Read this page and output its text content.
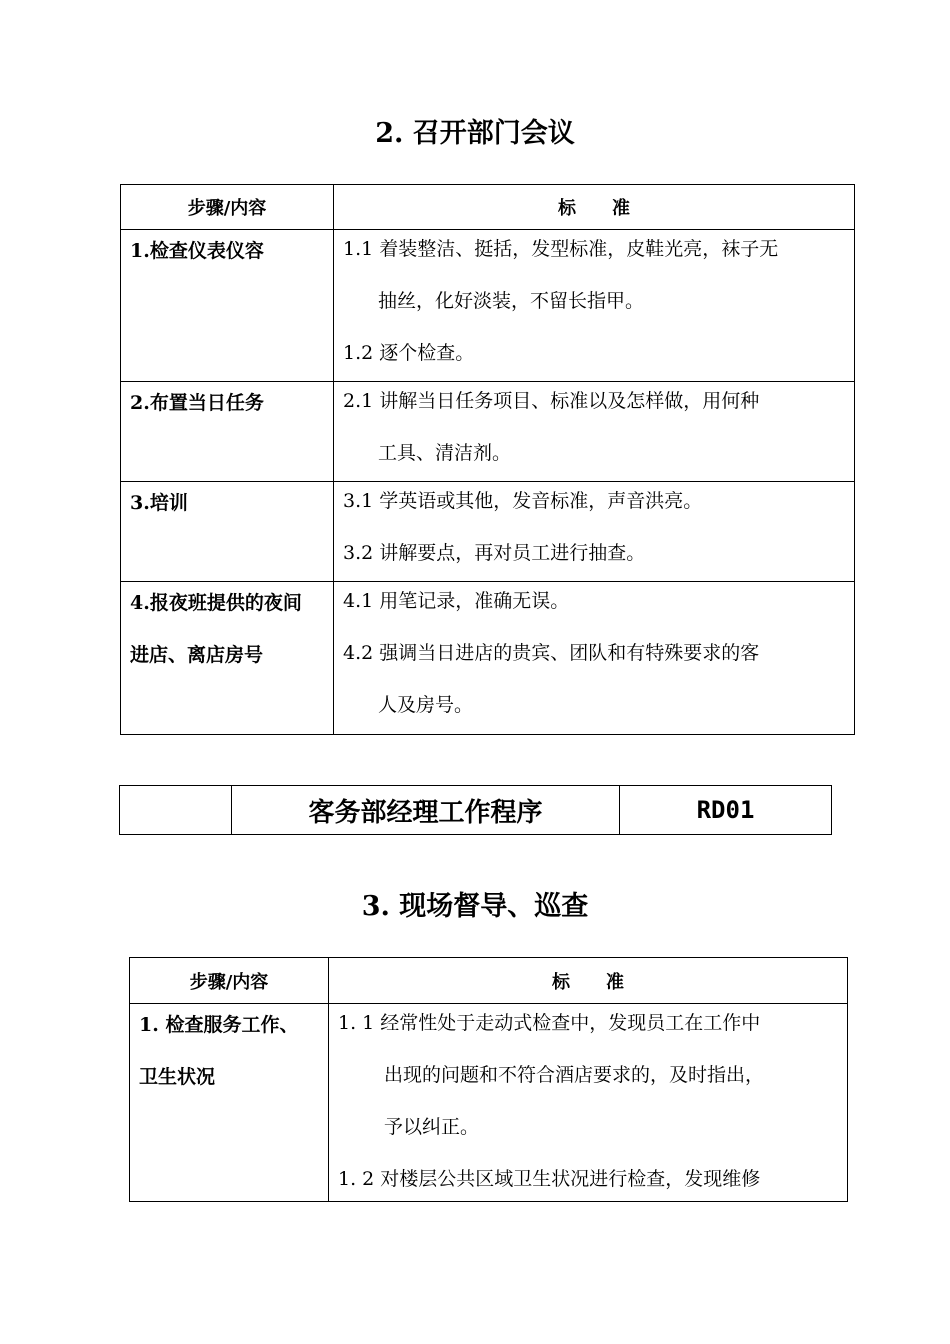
2. 召开部门会议
步骤/内容	标　　准

1.检查仪表仪容	1.1 着装整洁、挺括，发型标准，皮鞋光亮，袜子无
抽丝，化好淡装，不留长指甲。
1.2 逐个检查。

2.布置当日任务	2.1 讲解当日任务项目、标准以及怎样做，用何种
工具、清洁剂。

3.培训	3.1 学英语或其他，发音标准，声音洪亮。
3.2 讲解要点，再对员工进行抽查。

4.报夜班提供的夜间
进店、离店房号	4.1 用笔记录，准确无误。
4.2 强调当日进店的贵宾、团队和有特殊要求的客
人及房号。
	客务部经理工作程序	RD01
3. 现场督导、巡查
步骤/内容	标　　准

1. 检查服务工作、
卫生状况	1. 1 经常性处于走动式检查中，发现员工在工作中
出现的问题和不符合酒店要求的，及时指出，
予以纠正。
1. 2 对楼层公共区域卫生状况进行检查，发现维修
